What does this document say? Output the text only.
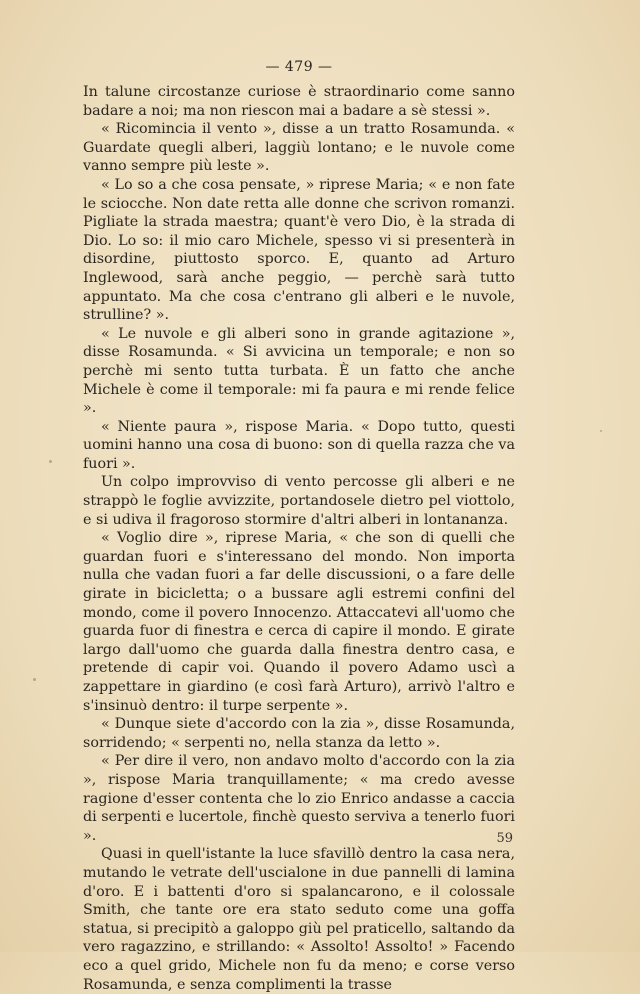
— 479 —

In talune circostanze curiose è straordinario come sanno badare a noi; ma non riescon mai a badare a sè stessi ».

« Ricomincia il vento », disse a un tratto Rosamunda. « Guardate quegli alberi, laggiù lontano; e le nuvole come vanno sempre più leste ».

« Lo so a che cosa pensate, » riprese Maria; « e non fate le sciocche. Non date retta alle donne che scrivon romanzi. Pigliate la strada maestra; quant'è vero Dio, è la strada di Dio. Lo so: il mio caro Michele, spesso vi si presenterà in disordine, piuttosto sporco. E, quanto ad Arturo Inglewood, sarà anche peggio, — perchè sarà tutto appuntato. Ma che cosa c'entrano gli alberi e le nuvole, strulline? ».

« Le nuvole e gli alberi sono in grande agitazione », disse Rosamunda. « Si avvicina un temporale; e non so perchè mi sento tutta turbata. È un fatto che anche Michele è come il temporale: mi fa paura e mi rende felice ».

« Niente paura », rispose Maria. « Dopo tutto, questi uomini hanno una cosa di buono: son di quella razza che va fuori ».

Un colpo improvviso di vento percosse gli alberi e ne strappò le foglie avvizzite, portandosele dietro pel viottolo, e si udiva il fragoroso stormire d'altri alberi in lontananza.

« Voglio dire », riprese Maria, « che son di quelli che guardan fuori e s'interessano del mondo. Non importa nulla che vadan fuori a far delle discussioni, o a fare delle girate in bicicletta; o a bussare agli estremi confini del mondo, come il povero Innocenzo. Attaccatevi all'uomo che guarda fuor di finestra e cerca di capire il mondo. E girate largo dall'uomo che guarda dalla finestra dentro casa, e pretende di capir voi. Quando il povero Adamo uscì a zappettare in giardino (e così farà Arturo), arrivò l'altro e s'insinuò dentro: il turpe serpente ».

« Dunque siete d'accordo con la zia », disse Rosamunda, sorridendo; « serpenti no, nella stanza da letto ».

« Per dire il vero, non andavo molto d'accordo con la zia », rispose Maria tranquillamente; « ma credo avesse ragione d'esser contenta che lo zio Enrico andasse a caccia di serpenti e lucertole, finchè questo serviva a tenerlo fuori ».

Quasi in quell'istante la luce sfavillò dentro la casa nera, mutando le vetrate dell'uscialone in due pannelli di lamina d'oro. E i battenti d'oro si spalancarono, e il colossale Smith, che tante ore era stato seduto come una goffa statua, si precipitò a galoppo giù pel praticello, saltando da vero ragazzino, e strillando: « Assolto! Assolto! » Facendo eco a quel grido, Michele non fu da meno; e corse verso Rosamunda, e senza complimenti la trasse

59
